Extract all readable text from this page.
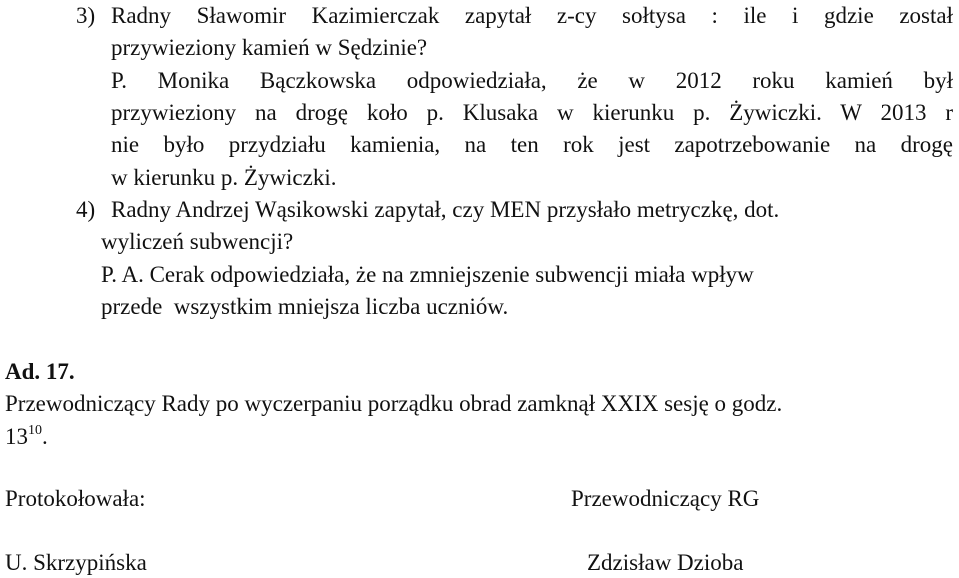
3) Radny Sławomir Kazimierczak zapytał z-cy sołtysa : ile i gdzie został
przywieziony kamień w Sędzinie?
P. Monika Bączkowska odpowiedziała, że w 2012 roku kamień był
przywieziony na drogę koło p. Klusaka w kierunku p. Żywiczki. W 2013 r
nie było przydziału kamienia, na ten rok jest zapotrzebowanie na drogę
w kierunku p. Żywiczki.
4) Radny Andrzej Wąsikowski zapytał, czy MEN przysłało metryczkę, dot.
wyliczeń subwencji?
P. A. Cerak odpowiedziała, że na zmniejszenie subwencji miała wpływ
przede  wszystkim mniejsza liczba uczniów.
Ad. 17.
Przewodniczący Rady po wyczerpaniu porządku obrad zamknął XXIX sesję o godz.
$13^{10}$.
Protokołowała:
U. Skrzypińska
Przewodniczący RG
Zdzisław Dzioba
